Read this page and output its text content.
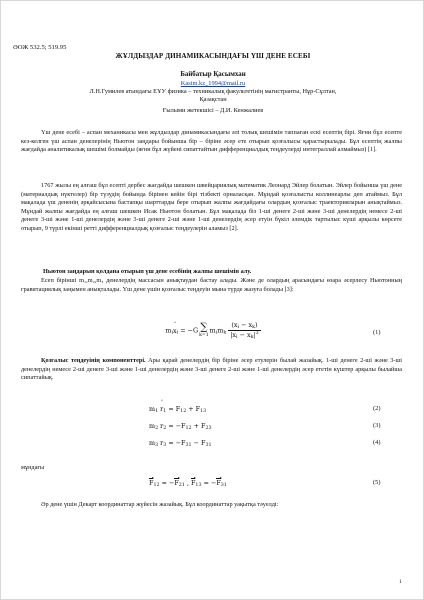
ӘОЖ 532.5; 519.95
ЖҰЛДЫЗДАР ДИНАМИКАСЫНДАҒЫ ҮШ ДЕНЕ ЕСЕБІ
Байбатыр Қасымхан
Kasim.kz_1994@mail.ru
Л.Н.Гумилев атындағы ЕҰУ физика – техникалық факультетінің магистранты, Нұр-Сұлтан,
Қазақстан
Ғылыми жетекшісі – Д.И. Кенжалиев

Үш дене есебі – аспан механикасы мен жұлдыздар динамикасындағы әлі толық шешімін таппаған ескі есептің бірі. Яғни бұл есепте кез-келген үш аспан денелерінің Ньютон заңдары бойынша бір – біріне әсер ете отырып қозғалысы қарастырылады. Бұл есептің жалпы жағдайда аналитикалық шешімі болмайды (яғни бұл жүйені сипаттайтын дифференциалдық теңдеулерді интеграллай алмаймыз) [1].

1767 жылы ең алғаш бұл есепті дербес жағдайда шешкен швейцариялық математик Леонард Эйлер болатын. Эйлер бойынша үш дене (материалдық нүктелер) бір түзудің бойында бірінен кейін бірі тізбекті орналасқан. Мұндай қозғалысты коллинеарлы деп атаймыз. Бұл мақалада үш дененің әрқайсысына бастапқы шарттарды бере отырып жалпы жағдайдағы олардың қозғалыс траекторияларын анықтаймыз. Мұндай жалпы жағдайда ең алғаш шешкен Исак Ньютон болатын. Бұл мақалада біз 1-ші денеге 2-ші және 3-ші денелердің немесе 2-ші денеге 3-ші және 1-ші денелердің және 3-ші денеге 2-ші және 1-ші денелердің әсер етуін бүкіл әлемдік тартылыс күші арқылы көрсете отырып, 9 түрлі екінші ретті дифференциалдық қозғалыс теңдеулерін аламыз [2].

Ньютон заңдарын қолдана отырып үш дене есебінің жалпы шешімін алу.

Есеп бірінші m₁,m₂,m₃ денелердің массасын анықтаудан бастау алады. Және де олардың арасындағы өзара әсерлесу Ньютонның гравитациялық заңымен анықталады. Үш дене үшін қозғалыс теңдеуін мына түрде жазуға болады [3]:

mi¨ xi = −G ∑
k=1
mimk $\frac{(xi - xk)}{|xi - xk|^3}$	(1)
Қозғалыс теңдеуінің компоненттері. Ары қарай денелердің бір біріне әсер етулерін былай жазайық. 1-ші денеге 2-ші және 3-ші денелердің немесе 2-ші денеге 3-ші және 1-ші денелердің және 3-ші денеге 2-ші және 1-ші денелердің әсер ететін күштер арқылы былайша сипаттайық.
m1 ¨ r1 = F12 + F13	(2)
m2 r2 = −F12 + F23	(3)
m3 r3 = −F31 − F31	(4)
мұндағы
F12 = −F21 , F13 = −F31	(5)

Әр дене үшін Декарт координаттар жүйесін жазайық. Бұл координаттар уақытқа тәуелді:

1
